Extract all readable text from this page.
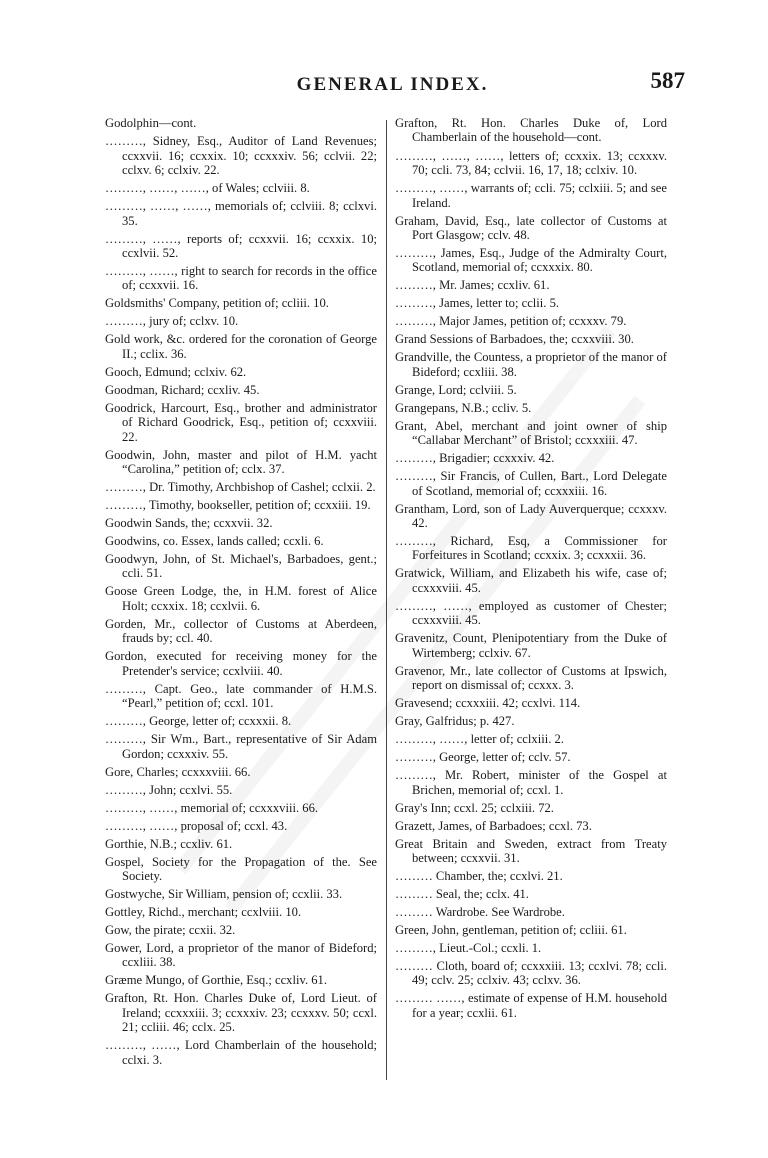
GENERAL INDEX.	587

Godolphin—cont.

………, Sidney, Esq., Auditor of Land Revenues; ccxxvii. 16; ccxxix. 10; ccxxxiv. 56; cclvii. 22; cclxv. 6; cclxiv. 22.

………, ……, ……, of Wales; cclviii. 8.

………, ……, ……, memorials of; cclviii. 8; cclxvi. 35.

………, ……, reports of; ccxxvii. 16; ccxxix. 10; ccxlvii. 52.

………, ……, right to search for records in the office of; ccxxvii. 16.

Goldsmiths' Company, petition of; ccliii. 10.

………, jury of; cclxv. 10.

Gold work, &c. ordered for the coronation of George II.; cclix. 36.

Gooch, Edmund; cclxiv. 62.

Goodman, Richard; ccxliv. 45.

Goodrick, Harcourt, Esq., brother and administrator of Richard Goodrick, Esq., petition of; ccxxviii. 22.

Goodwin, John, master and pilot of H.M. yacht “Carolina,” petition of; cclx. 37.

………, Dr. Timothy, Archbishop of Cashel; cclxii. 2.

………, Timothy, bookseller, petition of; ccxxiii. 19.

Goodwin Sands, the; ccxxvii. 32.

Goodwins, co. Essex, lands called; ccxli. 6.

Goodwyn, John, of St. Michael's, Barbadoes, gent.; ccli. 51.

Goose Green Lodge, the, in H.M. forest of Alice Holt; ccxxix. 18; ccxlvii. 6.

Gorden, Mr., collector of Customs at Aberdeen, frauds by; ccl. 40.

Gordon, executed for receiving money for the Pretender's service; ccxlviii. 40.

………, Capt. Geo., late commander of H.M.S. “Pearl,” petition of; ccxl. 101.

………, George, letter of; ccxxxii. 8.

………, Sir Wm., Bart., representative of Sir Adam Gordon; ccxxxiv. 55.

Gore, Charles; ccxxxviii. 66.

………, John; ccxlvi. 55.

………, ……, memorial of; ccxxxviii. 66.

………, ……, proposal of; ccxl. 43.

Gorthie, N.B.; ccxliv. 61.

Gospel, Society for the Propagation of the. See Society.

Gostwyche, Sir William, pension of; ccxlii. 33.

Gottley, Richd., merchant; ccxlviii. 10.

Gow, the pirate; ccxii. 32.

Gower, Lord, a proprietor of the manor of Bideford; ccxliii. 38.

Græme Mungo, of Gorthie, Esq.; ccxliv. 61.

Grafton, Rt. Hon. Charles Duke of, Lord Lieut. of Ireland; ccxxxiii. 3; ccxxxiv. 23; ccxxxv. 50; ccxl. 21; ccliii. 46; cclx. 25.

………, ……, Lord Chamberlain of the household; cclxi. 3.

Grafton, Rt. Hon. Charles Duke of, Lord Chamberlain of the household—cont.

………, ……, ……, letters of; ccxxix. 13; ccxxxv. 70; ccli. 73, 84; cclvii. 16, 17, 18; cclxiv. 10.

………, ……, warrants of; ccli. 75; cclxiii. 5; and see Ireland.

Graham, David, Esq., late collector of Customs at Port Glasgow; cclv. 48.

………, James, Esq., Judge of the Admiralty Court, Scotland, memorial of; ccxxxix. 80.

………, Mr. James; ccxliv. 61.

………, James, letter to; cclii. 5.

………, Major James, petition of; ccxxxv. 79.

Grand Sessions of Barbadoes, the; ccxxviii. 30.

Grandville, the Countess, a proprietor of the manor of Bideford; ccxliii. 38.

Grange, Lord; cclviii. 5.

Grangepans, N.B.; ccliv. 5.

Grant, Abel, merchant and joint owner of ship “Callabar Merchant” of Bristol; ccxxxiii. 47.

………, Brigadier; ccxxxiv. 42.

………, Sir Francis, of Cullen, Bart., Lord Delegate of Scotland, memorial of; ccxxxiii. 16.

Grantham, Lord, son of Lady Auverquerque; ccxxxv. 42.

………, Richard, Esq, a Commissioner for Forfeitures in Scotland; ccxxix. 3; ccxxxii. 36.

Gratwick, William, and Elizabeth his wife, case of; ccxxxviii. 45.

………, ……, employed as customer of Chester; ccxxxviii. 45.

Gravenitz, Count, Plenipotentiary from the Duke of Wirtemberg; cclxiv. 67.

Gravenor, Mr., late collector of Customs at Ipswich, report on dismissal of; ccxxx. 3.

Gravesend; ccxxxiii. 42; ccxlvi. 114.

Gray, Galfridus; p. 427.

………, ……, letter of; cclxiii. 2.

………, George, letter of; cclv. 57.

………, Mr. Robert, minister of the Gospel at Brichen, memorial of; ccxl. 1.

Gray's Inn; ccxl. 25; cclxiii. 72.

Grazett, James, of Barbadoes; ccxl. 73.

Great Britain and Sweden, extract from Treaty between; ccxxvii. 31.

……… Chamber, the; ccxlvi. 21.

……… Seal, the; cclx. 41.

……… Wardrobe. See Wardrobe.

Green, John, gentleman, petition of; ccliii. 61.

………, Lieut.-Col.; ccxli. 1.

……… Cloth, board of; ccxxxiii. 13; ccxlvi. 78; ccli. 49; cclv. 25; cclxiv. 43; cclxv. 36.

……… ……, estimate of expense of H.M. household for a year; ccxlii. 61.
